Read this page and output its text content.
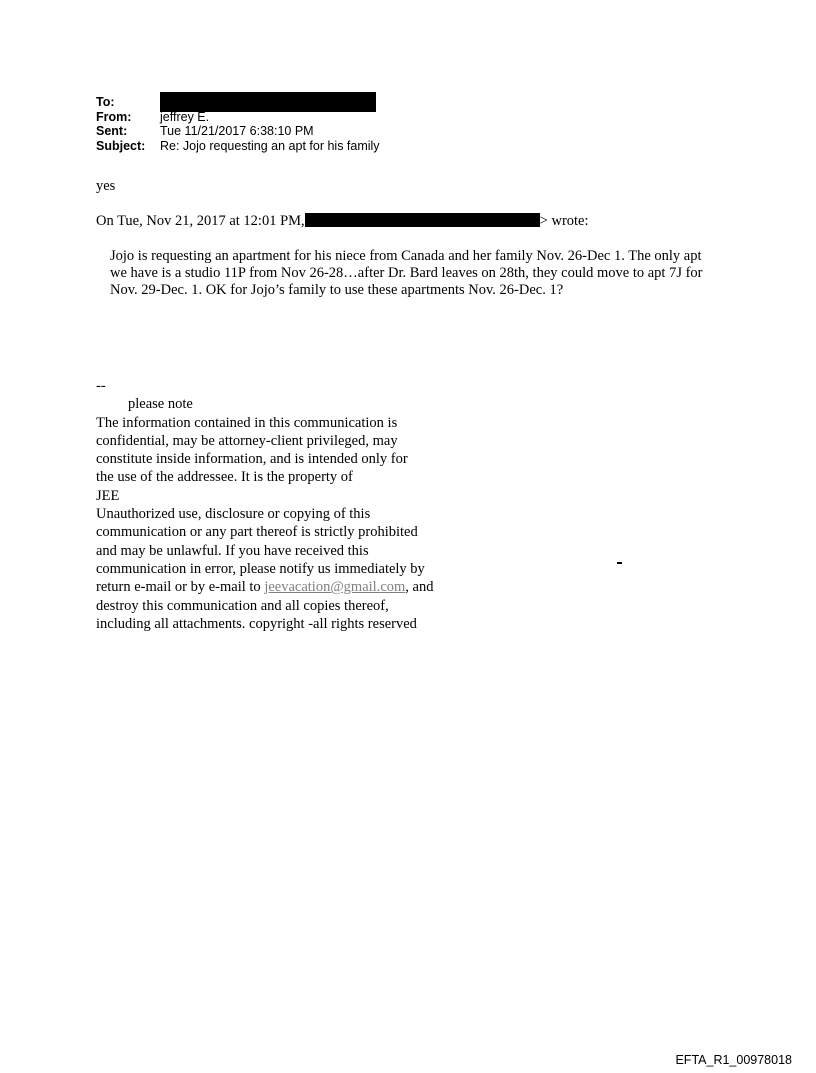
To:
From:	jeffrey E.
Sent:	Tue 11/21/2017 6:38:10 PM
Subject:	Re: Jojo requesting an apt for his family
yes
On Tue, Nov 21, 2017 at 12:01 PM,	> wrote:

Jojo is requesting an apartment for his niece from Canada and her family Nov. 26-Dec 1. The only apt we have is a studio 11P from Nov 26-28…after Dr. Bard leaves on 28th, they could move to apt 7J for Nov. 29-Dec. 1. OK for Jojo’s family to use these apartments Nov. 26-Dec. 1?

--
please note
The information contained in this communication is
confidential, may be attorney-client privileged, may
constitute inside information, and is intended only for
the use of the addressee. It is the property of
JEE
Unauthorized use, disclosure or copying of this
communication or any part thereof is strictly prohibited
and may be unlawful. If you have received this
communication in error, please notify us immediately by
return e-mail or by e-mail to jeevacation@gmail.com, and
destroy this communication and all copies thereof,
including all attachments. copyright -all rights reserved
EFTA_R1_00978018
